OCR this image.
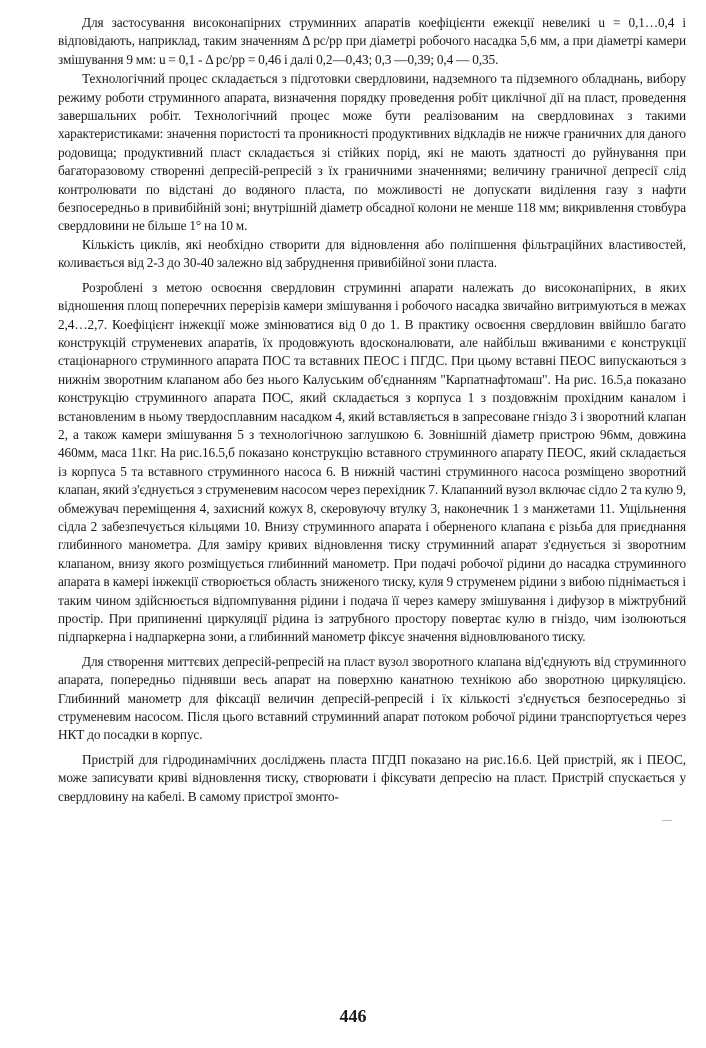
Для застосування високонапірних струминних апаратів коефіцієнти ежекції невеликі u = 0,1…0,4 і відповідають, наприклад, таким значенням Δ pс/pр при діаметрі робочого насадка 5,6 мм, а при діаметрі камери змішування 9 мм: u = 0,1 - Δ pс/pр = 0,46 і далі 0,2—0,43; 0,3 —0,39; 0,4 — 0,35.

Технологічний процес складається з підготовки свердловини, надземного та підземного обладнань, вибору режиму роботи струминного апарата, визначення порядку проведення робіт циклічної дії на пласт, проведення завершальних робіт. Технологічний процес може бути реалізованим на свердловинах з такими характеристиками: значення пористості та проникності продуктивних відкладів не нижче граничних для даного родовища; продуктивний пласт складається зі стійких порід, які не мають здатності до руйнування при багаторазовому створенні депресій-репресій з їх граничними значеннями; величину граничної депресії слід контролювати по відстані до водяного пласта, по можливості не допускати виділення газу з нафти безпосередньо в привибійній зоні; внутрішній діаметр обсадної колони не менше 118 мм; викривлення стовбура свердловини не більше 1° на 10 м.

Кількість циклів, які необхідно створити для відновлення або поліпшення фільтраційних властивостей, коливається від 2-3 до 30-40 залежно від забруднення привибійної зони пласта.

Розроблені з метою освоєння свердловин струминні апарати належать до високонапірних, в яких відношення площ поперечних перерізів камери змішування і робочого насадка звичайно витримуються в межах 2,4…2,7. Коефіцієнт інжекції може змінюватися від 0 до 1. В практику освоєння свердловин ввійшло багато конструкцій струменевих апаратів, їх продовжують вдосконалювати, але найбільш вживаними є конструкції стаціонарного струминного апарата ПОС та вставних ПЕОС і ПГДС. При цьому вставні ПЕОС випускаються з нижнім зворотним клапаном або без нього Калуським об'єднанням "Карпатнафтомаш". На рис. 16.5,а показано конструкцію струминного апарата ПОС, який складається з корпуса 1 з поздовжнім прохідним каналом і встановленим в ньому твердосплавним насадком 4, який вставляється в запресоване гніздо 3 і зворотний клапан 2, а також камери змішування 5 з технологічною заглушкою 6. Зовнішній діаметр пристрою 96мм, довжина 460мм, маса 11кг. На рис.16.5,б показано конструкцію вставного струминного апарату ПЕОС, який складається із корпуса 5 та вставного струминного насоса 6. В нижній частині струминного насоса розміщено зворотний клапан, який з'єднується з струменевим насосом через перехідник 7. Клапанний вузол включає сідло 2 та кулю 9, обмежувач переміщення 4, захисний кожух 8, скеровуючу втулку 3, наконечник 1 з манжетами 11. Ущільнення сідла 2 забезпечується кільцями 10. Внизу струминного апарата і оберненого клапана є різьба для приєднання глибинного манометра. Для заміру кривих відновлення тиску струминний апарат з'єднується зі зворотним клапаном, внизу якого розміщується глибинний манометр. При подачі робочої рідини до насадка струминного апарата в камері інжекції створюється область зниженого тиску, куля 9 струменем рідини з вибою піднімається і таким чином здійснюється відпомпування рідини і подача її через камеру змішування і дифузор в міжтрубний простір. При припиненні циркуляції рідина із затрубного простору повертає кулю в гніздо, чим ізолюються підпаркерна і надпаркерна зони, а глибинний манометр фіксує значення відновлюваного тиску.

Для створення миттєвих депресій-репресій на пласт вузол зворотного клапана від'єднують від струминного апарата, попередньо піднявши весь апарат на поверхню канатною технікою або зворотною циркуляцією. Глибинний манометр для фіксації величин депресій-репресій і їх кількості з'єднується безпосередньо зі струменевим насосом. Після цього вставний струминний апарат потоком робочої рідини транспортується через НКТ до посадки в корпус.

Пристрій для гідродинамічних досліджень пласта ПГДП показано на рис.16.6. Цей пристрій, як і ПЕОС, може записувати криві відновлення тиску, створювати і фіксувати депресію на пласт. Пристрій спускається у свердловину на кабелі. В самому пристрої змонто-

446
